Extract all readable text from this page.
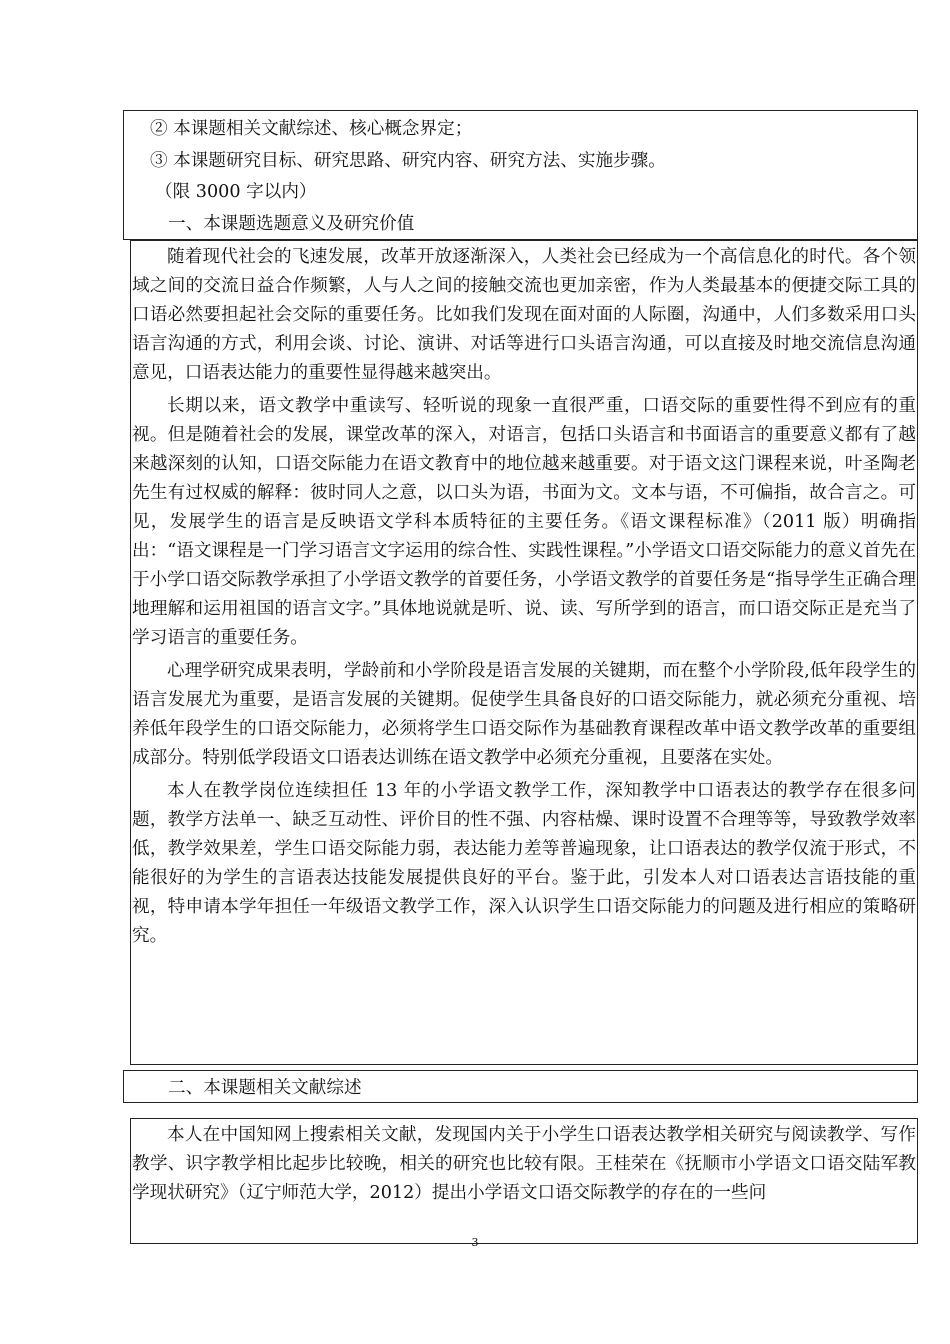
② 本课题相关文献综述、核心概念界定；
③ 本课题研究目标、研究思路、研究内容、研究方法、实施步骤。
（限 3000 字以内）
一、本课题选题意义及研究价值

随着现代社会的飞速发展，改革开放逐渐深入，人类社会已经成为一个高信息化的时代。各个领域之间的交流日益合作频繁，人与人之间的接触交流也更加亲密，作为人类最基本的便捷交际工具的口语必然要担起社会交际的重要任务。比如我们发现在面对面的人际圈，沟通中，人们多数采用口头语言沟通的方式，利用会谈、讨论、演讲、对话等进行口头语言沟通，可以直接及时地交流信息沟通意见，口语表达能力的重要性显得越来越突出。

长期以来，语文教学中重读写、轻听说的现象一直很严重，口语交际的重要性得不到应有的重视。但是随着社会的发展，课堂改革的深入，对语言，包括口头语言和书面语言的重要意义都有了越来越深刻的认知，口语交际能力在语文教育中的地位越来越重要。对于语文这门课程来说，叶圣陶老先生有过权威的解释：彼时同人之意，以口头为语，书面为文。文本与语，不可偏指，故合言之。可见，发展学生的语言是反映语文学科本质特征的主要任务。《语文课程标准》（2011 版）明确指出：“语文课程是一门学习语言文字运用的综合性、实践性课程。”小学语文口语交际能力的意义首先在于小学口语交际教学承担了小学语文教学的首要任务，小学语文教学的首要任务是“指导学生正确合理地理解和运用祖国的语言文字。”具体地说就是听、说、读、写所学到的语言，而口语交际正是充当了学习语言的重要任务。

心理学研究成果表明，学龄前和小学阶段是语言发展的关键期，而在整个小学阶段,低年段学生的语言发展尤为重要，是语言发展的关键期。促使学生具备良好的口语交际能力，就必须充分重视、培养低年段学生的口语交际能力，必须将学生口语交际作为基础教育课程改革中语文教学改革的重要组成部分。特别低学段语文口语表达训练在语文教学中必须充分重视，且要落在实处。

本人在教学岗位连续担任 13 年的小学语文教学工作，深知教学中口语表达的教学存在很多问题，教学方法单一、缺乏互动性、评价目的性不强、内容枯燥、课时设置不合理等等，导致教学效率低，教学效果差，学生口语交际能力弱，表达能力差等普遍现象，让口语表达的教学仅流于形式，不能很好的为学生的言语表达技能发展提供良好的平台。鉴于此，引发本人对口语表达言语技能的重视，特申请本学年担任一年级语文教学工作，深入认识学生口语交际能力的问题及进行相应的策略研究。

二、本课题相关文献综述

本人在中国知网上搜索相关文献，发现国内关于小学生口语表达教学相关研究与阅读教学、写作教学、识字教学相比起步比较晚，相关的研究也比较有限。王桂荣在《抚顺市小学语文口语交陆军教学现状研究》（辽宁师范大学，2012）提出小学语文口语交际教学的存在的一些问

3
